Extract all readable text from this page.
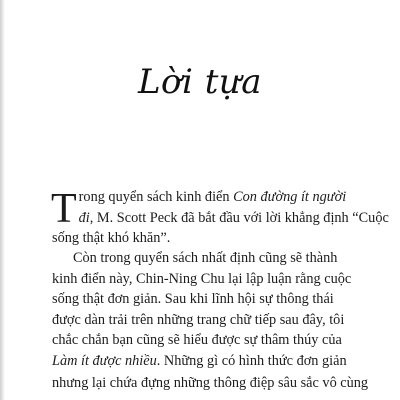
Lời tựa
T rong quyển sách kinh điển Con đường ít người
đi, M. Scott Peck đã bắt đầu với lời khẳng định “Cuộc
sống thật khó khăn”.
Còn trong quyển sách nhất định cũng sẽ thành
kinh điển này, Chin-Ning Chu lại lập luận rằng cuộc
sống thật đơn giản. Sau khi lĩnh hội sự thông thái
được dàn trải trên những trang chữ tiếp sau đây, tôi
chắc chắn bạn cũng sẽ hiểu được sự thâm thúy của
Làm ít được nhiều. Những gì có hình thức đơn giản
nhưng lại chứa đựng những thông điệp sâu sắc vô cùng
